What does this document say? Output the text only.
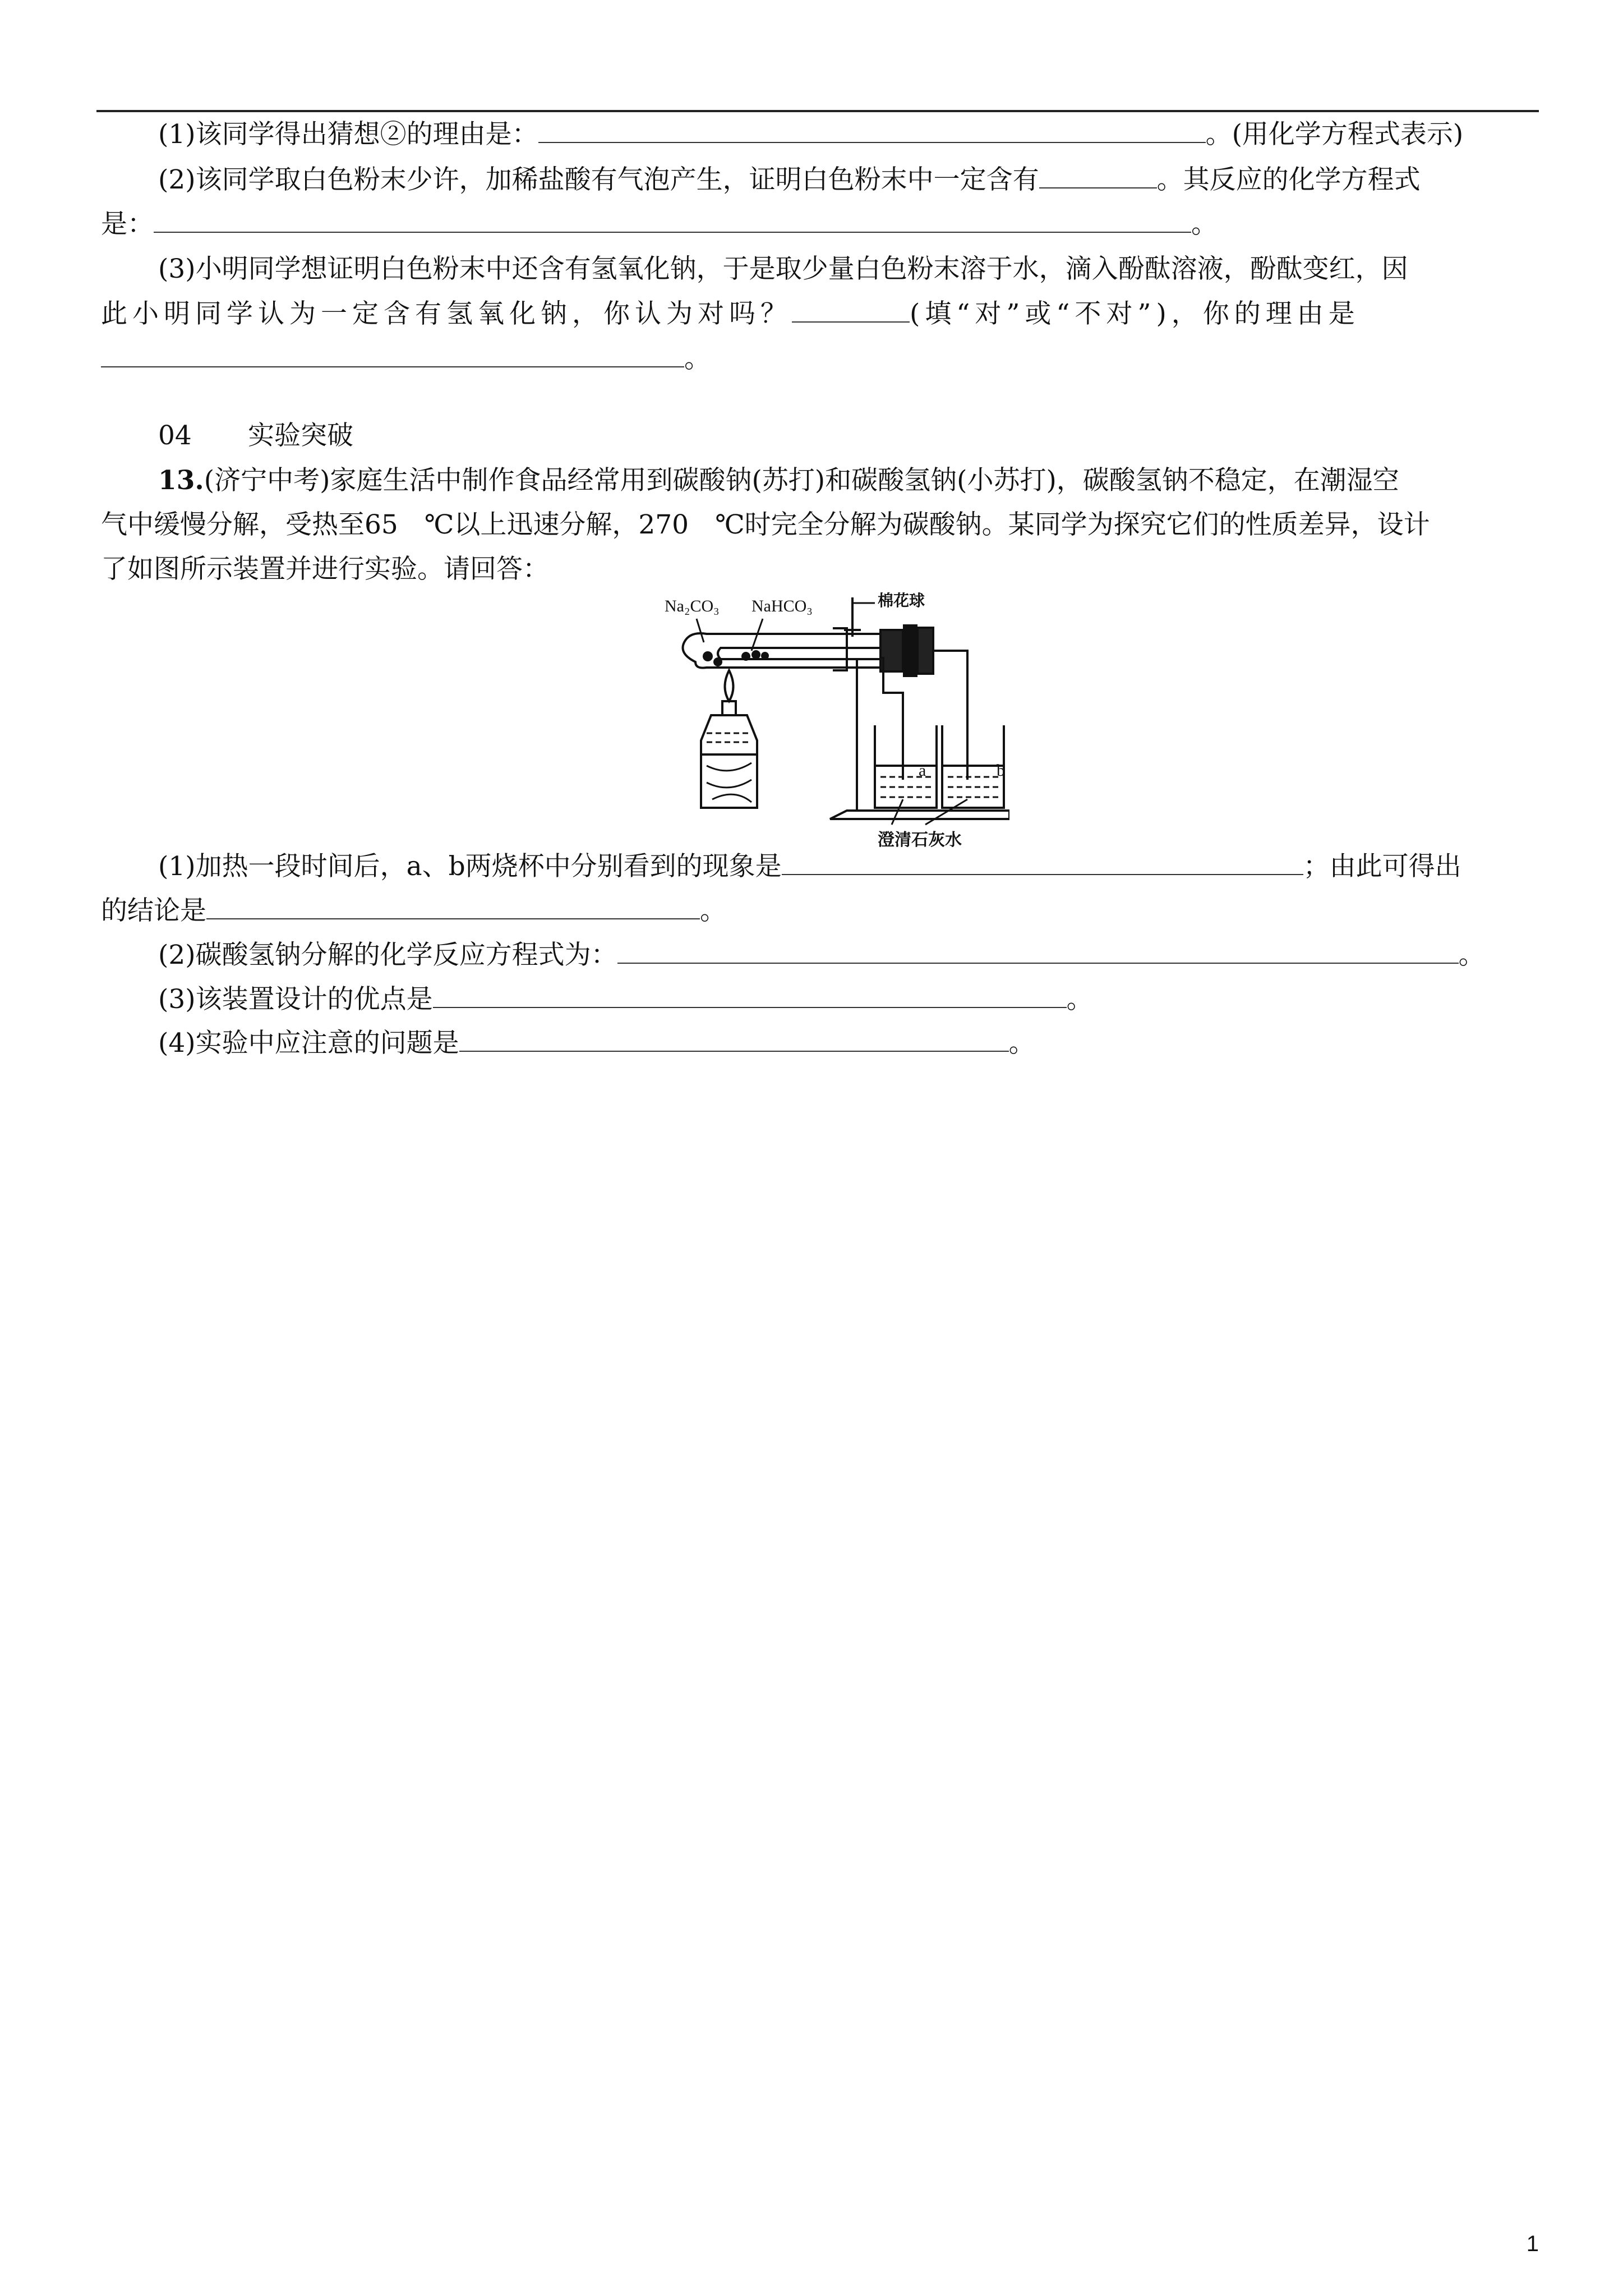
(1)该同学得出猜想②的理由是：	。(用化学方程式表示)
(2)该同学取白色粉末少许，加稀盐酸有气泡产生，证明白色粉末中一定含有	。其反应的化学方程式
是：	。
(3)小明同学想证明白色粉末中还含有氢氧化钠，于是取少量白色粉末溶于水，滴入酚酞溶液，酚酞变红，因
此小明同学认为一定含有氢氧化钠，你认为对吗？	(填“对”或“不对”)，你的理由是
。
04 实验突破
13.(济宁中考)家庭生活中制作食品经常用到碳酸钠(苏打)和碳酸氢钠(小苏打)，碳酸氢钠不稳定，在潮湿空
气中缓慢分解，受热至65　℃以上迅速分解，270　℃时完全分解为碳酸钠。某同学为探究它们的性质差异，设计
了如图所示装置并进行实验。请回答：
Na₂CO₃ NaHCO₃	棉花球
a	b
澄清石灰水
(1)加热一段时间后，a、b两烧杯中分别看到的现象是	；由此可得出
的结论是	。
(2)碳酸氢钠分解的化学反应方程式为：	。
(3)该装置设计的优点是	。
(4)实验中应注意的问题是	。
1
